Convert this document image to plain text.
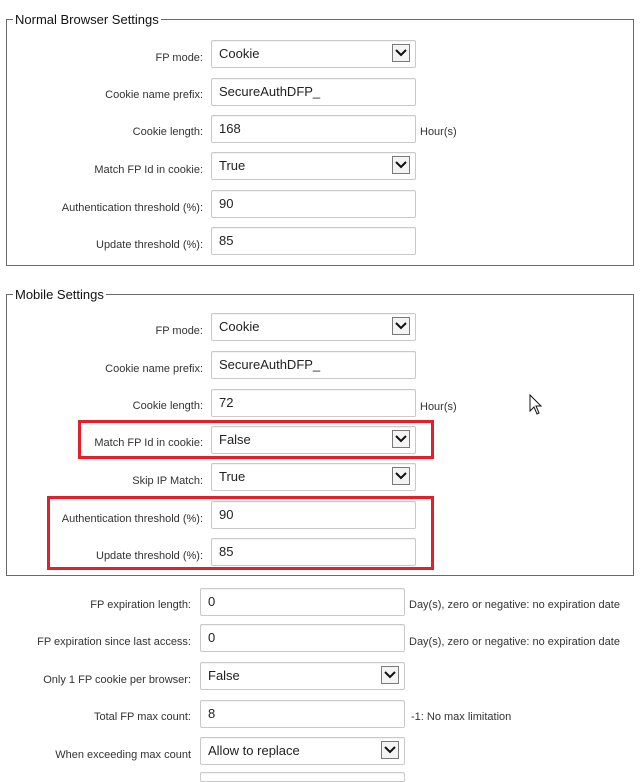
Normal Browser Settings
FP mode:	Cookie
Cookie name prefix:	SecureAuthDFP_
Cookie length:	168	Hour(s)
Match FP Id in cookie:	True
Authentication threshold (%):	90
Update threshold (%):	85
Mobile Settings
FP mode:	Cookie
Cookie name prefix:	SecureAuthDFP_
Cookie length:	72	Hour(s)
Match FP Id in cookie:	False
Skip IP Match:	True
Authentication threshold (%):	90
Update threshold (%):	85
FP expiration length:	0	Day(s), zero or negative: no expiration date
FP expiration since last access:	0	Day(s), zero or negative: no expiration date
Only 1 FP cookie per browser:	False
Total FP max count:	8	-1: No max limitation
When exceeding max count	Allow to replace
